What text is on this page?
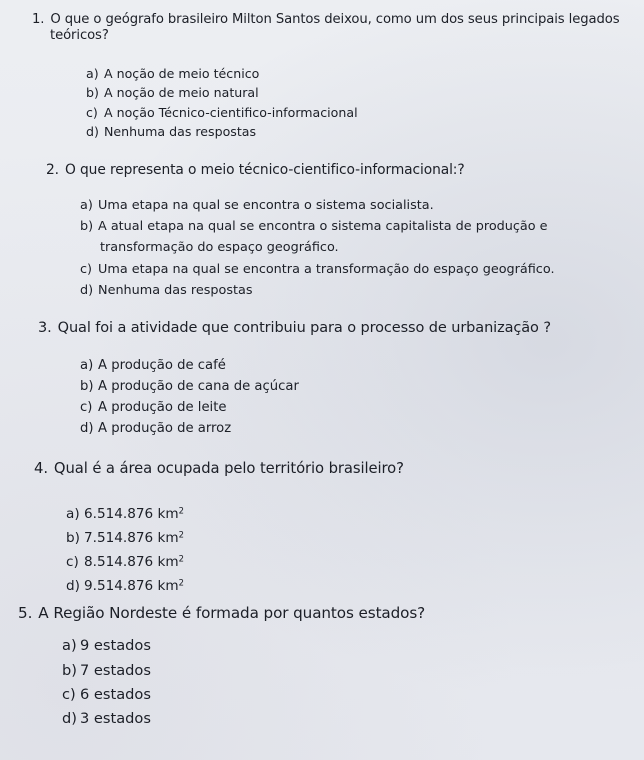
1. O que o geógrafo brasileiro Milton Santos deixou, como um dos seus principais legados
teóricos?
a) A noção de meio técnico
b) A noção de meio natural
c) A noção Técnico-cientifico-informacional
d) Nenhuma das respostas
2. O que representa o meio técnico-cientifico-informacional:?
a) Uma etapa na qual se encontra o sistema socialista.
b) A atual etapa na qual se encontra o sistema capitalista de produção e
transformação do espaço geográfico.
c) Uma etapa na qual se encontra a transformação do espaço geográfico.
d) Nenhuma das respostas
3. Qual foi a atividade que contribuiu para o processo de urbanização ?
a) A produção de café
b) A produção de cana de açúcar
c) A produção de leite
d) A produção de arroz
4. Qual é a área ocupada pelo território brasileiro?
a) 6.514.876 $km^2$
b) 7.514.876 $km^2$
c) 8.514.876 $km^2$
d) 9.514.876 $km^2$
5. A Região Nordeste é formada por quantos estados?
a) 9 estados
b) 7 estados
c) 6 estados
d) 3 estados
